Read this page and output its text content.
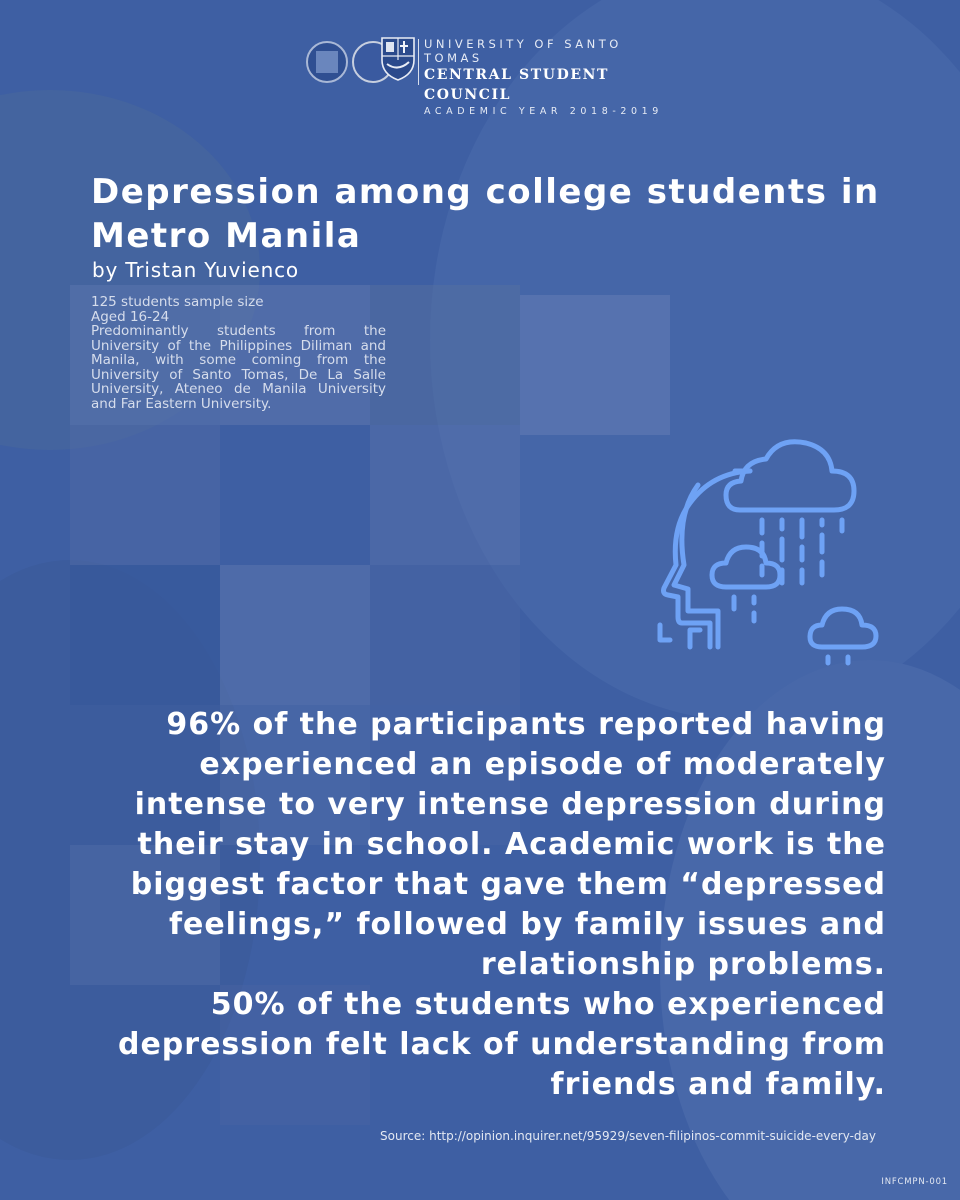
UNIVERSITY OF SANTO TOMAS
CENTRAL STUDENT COUNCIL
ACADEMIC YEAR 2018-2019
Depression among college students in Metro Manila

by Tristan Yuvienco

125 students sample size
Aged 16-24
Predominantly students from the University of the Philippines Diliman and Manila, with some coming from the University of Santo Tomas, De La Salle University, Ateneo de Manila University and Far Eastern University.
96% of the participants reported having experienced an episode of moderately intense to very intense depression during their stay in school. Academic work is the biggest factor that gave them “depressed feelings,” followed by family issues and relationship problems.
50% of the students who experienced depression felt lack of understanding from friends and family.

Source: http://opinion.inquirer.net/95929/seven-filipinos-commit-suicide-every-day

INFCMPN-001
